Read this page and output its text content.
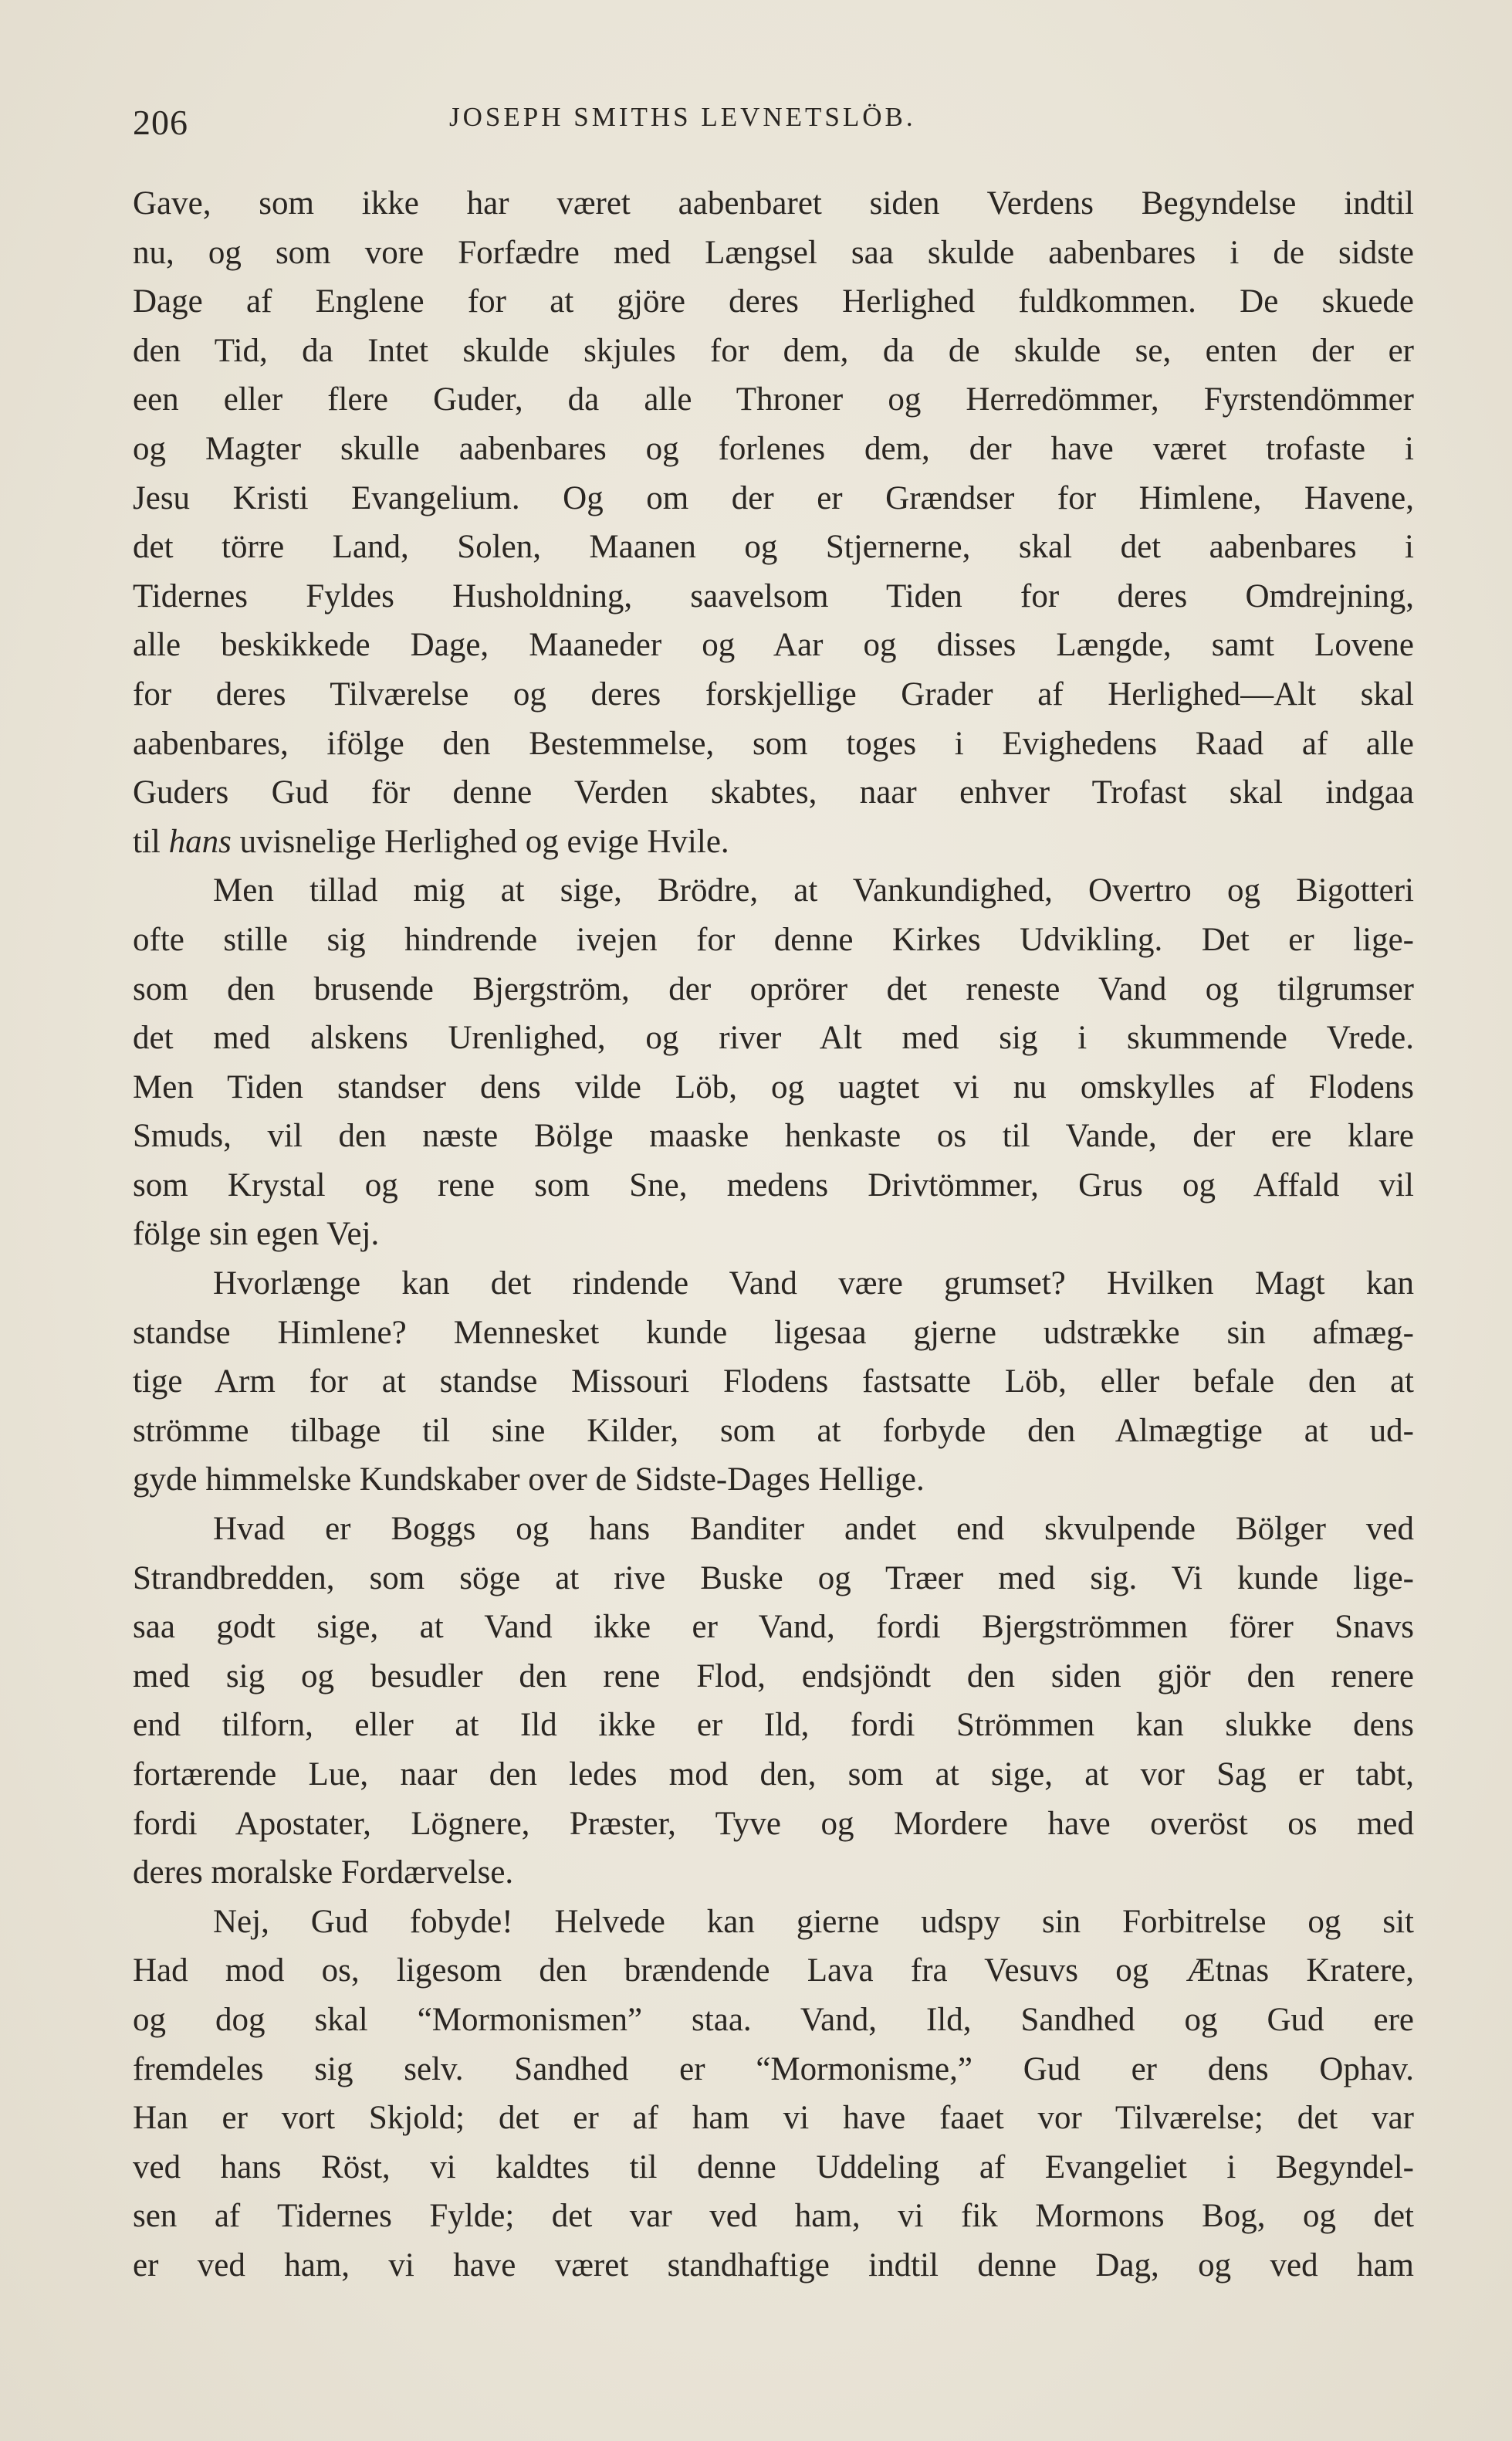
206	JOSEPH SMITHS LEVNETSLÖB.
Gave, som ikke har været aabenbaret siden Verdens Begyndelse indtil
nu, og som vore Forfædre med Længsel saa skulde aabenbares i de sidste
Dage af Englene for at gjöre deres Herlighed fuldkommen. De skuede
den Tid, da Intet skulde skjules for dem, da de skulde se, enten der er
een eller flere Guder, da alle Throner og Herredömmer, Fyrstendömmer
og Magter skulle aabenbares og forlenes dem, der have været trofaste i
Jesu Kristi Evangelium. Og om der er Grændser for Himlene, Havene,
det törre Land, Solen, Maanen og Stjernerne, skal det aabenbares i
Tidernes Fyldes Husholdning, saavelsom Tiden for deres Omdrejning,
alle beskikkede Dage, Maaneder og Aar og disses Længde, samt Lovene
for deres Tilværelse og deres forskjellige Grader af Herlighed—Alt skal
aabenbares, ifölge den Bestemmelse, som toges i Evighedens Raad af alle
Guders Gud för denne Verden skabtes, naar enhver Trofast skal indgaa
til hans uvisnelige Herlighed og evige Hvile.
Men tillad mig at sige, Brödre, at Vankundighed, Overtro og Bigotteri
ofte stille sig hindrende ivejen for denne Kirkes Udvikling. Det er lige-
som den brusende Bjergström, der oprörer det reneste Vand og tilgrumser
det med alskens Urenlighed, og river Alt med sig i skummende Vrede.
Men Tiden standser dens vilde Löb, og uagtet vi nu omskylles af Flodens
Smuds, vil den næste Bölge maaske henkaste os til Vande, der ere klare
som Krystal og rene som Sne, medens Drivtömmer, Grus og Affald vil
fölge sin egen Vej.
Hvorlænge kan det rindende Vand være grumset? Hvilken Magt kan
standse Himlene? Mennesket kunde ligesaa gjerne udstrække sin afmæg-
tige Arm for at standse Missouri Flodens fastsatte Löb, eller befale den at
strömme tilbage til sine Kilder, som at forbyde den Almægtige at ud-
gyde himmelske Kundskaber over de Sidste-Dages Hellige.
Hvad er Boggs og hans Banditer andet end skvulpende Bölger ved
Strandbredden, som söge at rive Buske og Træer med sig. Vi kunde lige-
saa godt sige, at Vand ikke er Vand, fordi Bjergströmmen förer Snavs
med sig og besudler den rene Flod, endsjöndt den siden gjör den renere
end tilforn, eller at Ild ikke er Ild, fordi Strömmen kan slukke dens
fortærende Lue, naar den ledes mod den, som at sige, at vor Sag er tabt,
fordi Apostater, Lögnere, Præster, Tyve og Mordere have overöst os med
deres moralske Fordærvelse.
Nej, Gud fobyde! Helvede kan gierne udspy sin Forbitrelse og sit
Had mod os, ligesom den brændende Lava fra Vesuvs og Ætnas Kratere,
og dog skal “Mormonismen” staa. Vand, Ild, Sandhed og Gud ere
fremdeles sig selv. Sandhed er “Mormonisme,” Gud er dens Ophav.
Han er vort Skjold; det er af ham vi have faaet vor Tilværelse; det var
ved hans Röst, vi kaldtes til denne Uddeling af Evangeliet i Begyndel-
sen af Tidernes Fylde; det var ved ham, vi fik Mormons Bog, og det
er ved ham, vi have været standhaftige indtil denne Dag, og ved ham
